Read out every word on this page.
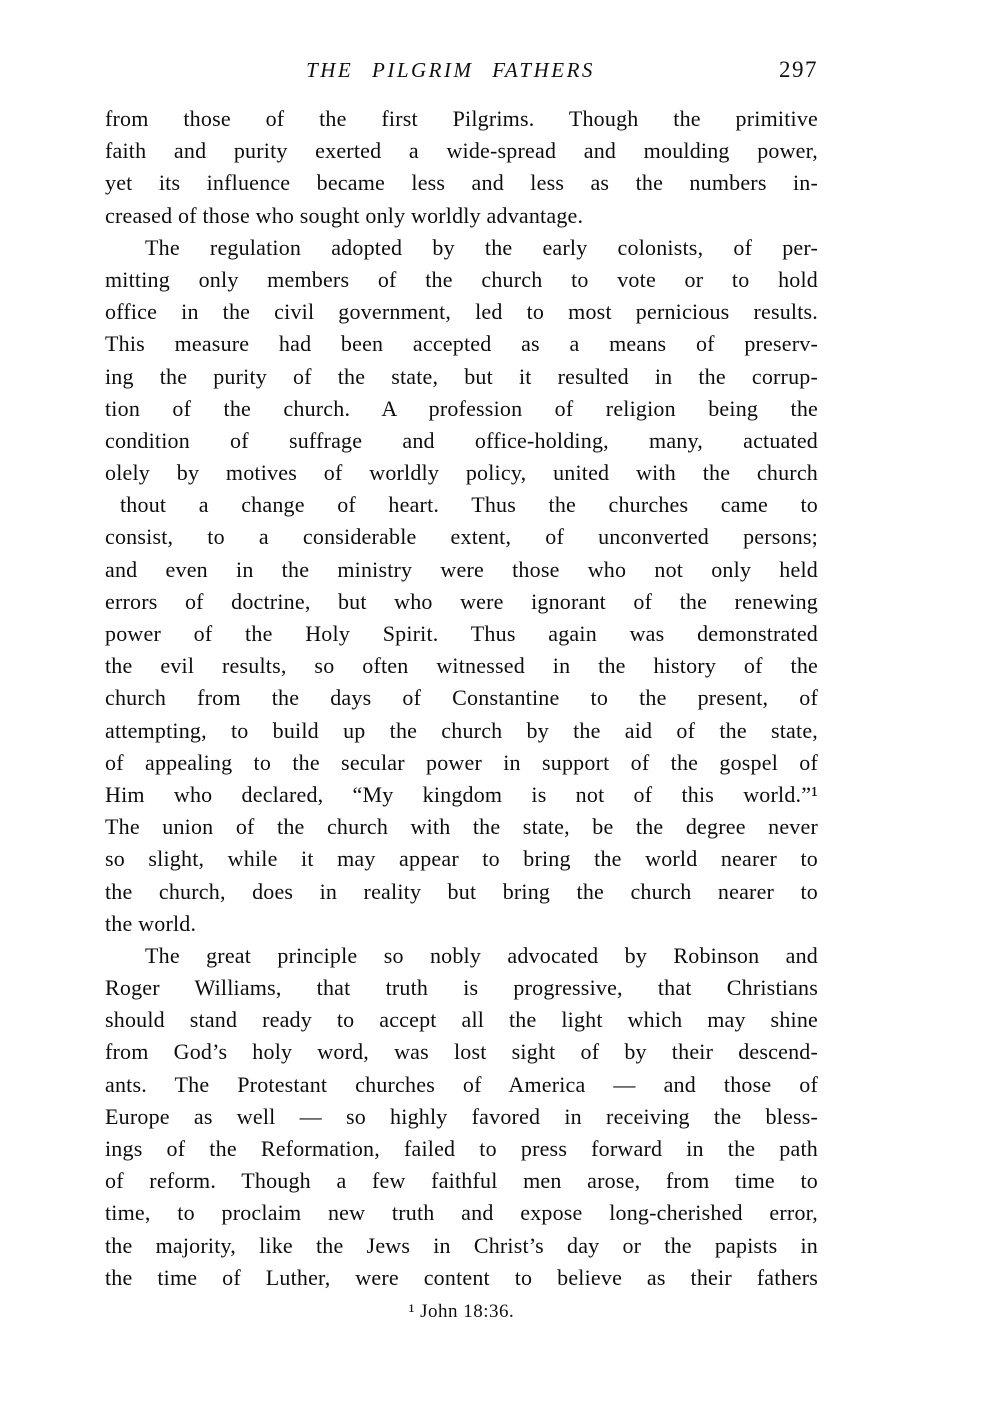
THE PILGRIM FATHERS	297
from those of the first Pilgrims. Though the primitive
faith and purity exerted a wide-spread and moulding power,
yet its influence became less and less as the numbers in-
creased of those who sought only worldly advantage.
The regulation adopted by the early colonists, of per-
mitting only members of the church to vote or to hold
office in the civil government, led to most pernicious results.
This measure had been accepted as a means of preserv-
ing the purity of the state, but it resulted in the corrup-
tion of the church. A profession of religion being the
condition of suffrage and office-holding, many, actuated
olely by motives of worldly policy, united with the church
thout a change of heart. Thus the churches came to
consist, to a considerable extent, of unconverted persons;
and even in the ministry were those who not only held
errors of doctrine, but who were ignorant of the renewing
power of the Holy Spirit. Thus again was demonstrated
the evil results, so often witnessed in the history of the
church from the days of Constantine to the present, of
attempting, to build up the church by the aid of the state,
of appealing to the secular power in support of the gospel of
Him who declared, “My kingdom is not of this world.”¹
The union of the church with the state, be the degree never
so slight, while it may appear to bring the world nearer to
the church, does in reality but bring the church nearer to
the world.
The great principle so nobly advocated by Robinson and
Roger Williams, that truth is progressive, that Christians
should stand ready to accept all the light which may shine
from God’s holy word, was lost sight of by their descend-
ants. The Protestant churches of America — and those of
Europe as well — so highly favored in receiving the bless-
ings of the Reformation, failed to press forward in the path
of reform. Though a few faithful men arose, from time to
time, to proclaim new truth and expose long-cherished error,
the majority, like the Jews in Christ’s day or the papists in
the time of Luther, were content to believe as their fathers
¹ John 18:36.
